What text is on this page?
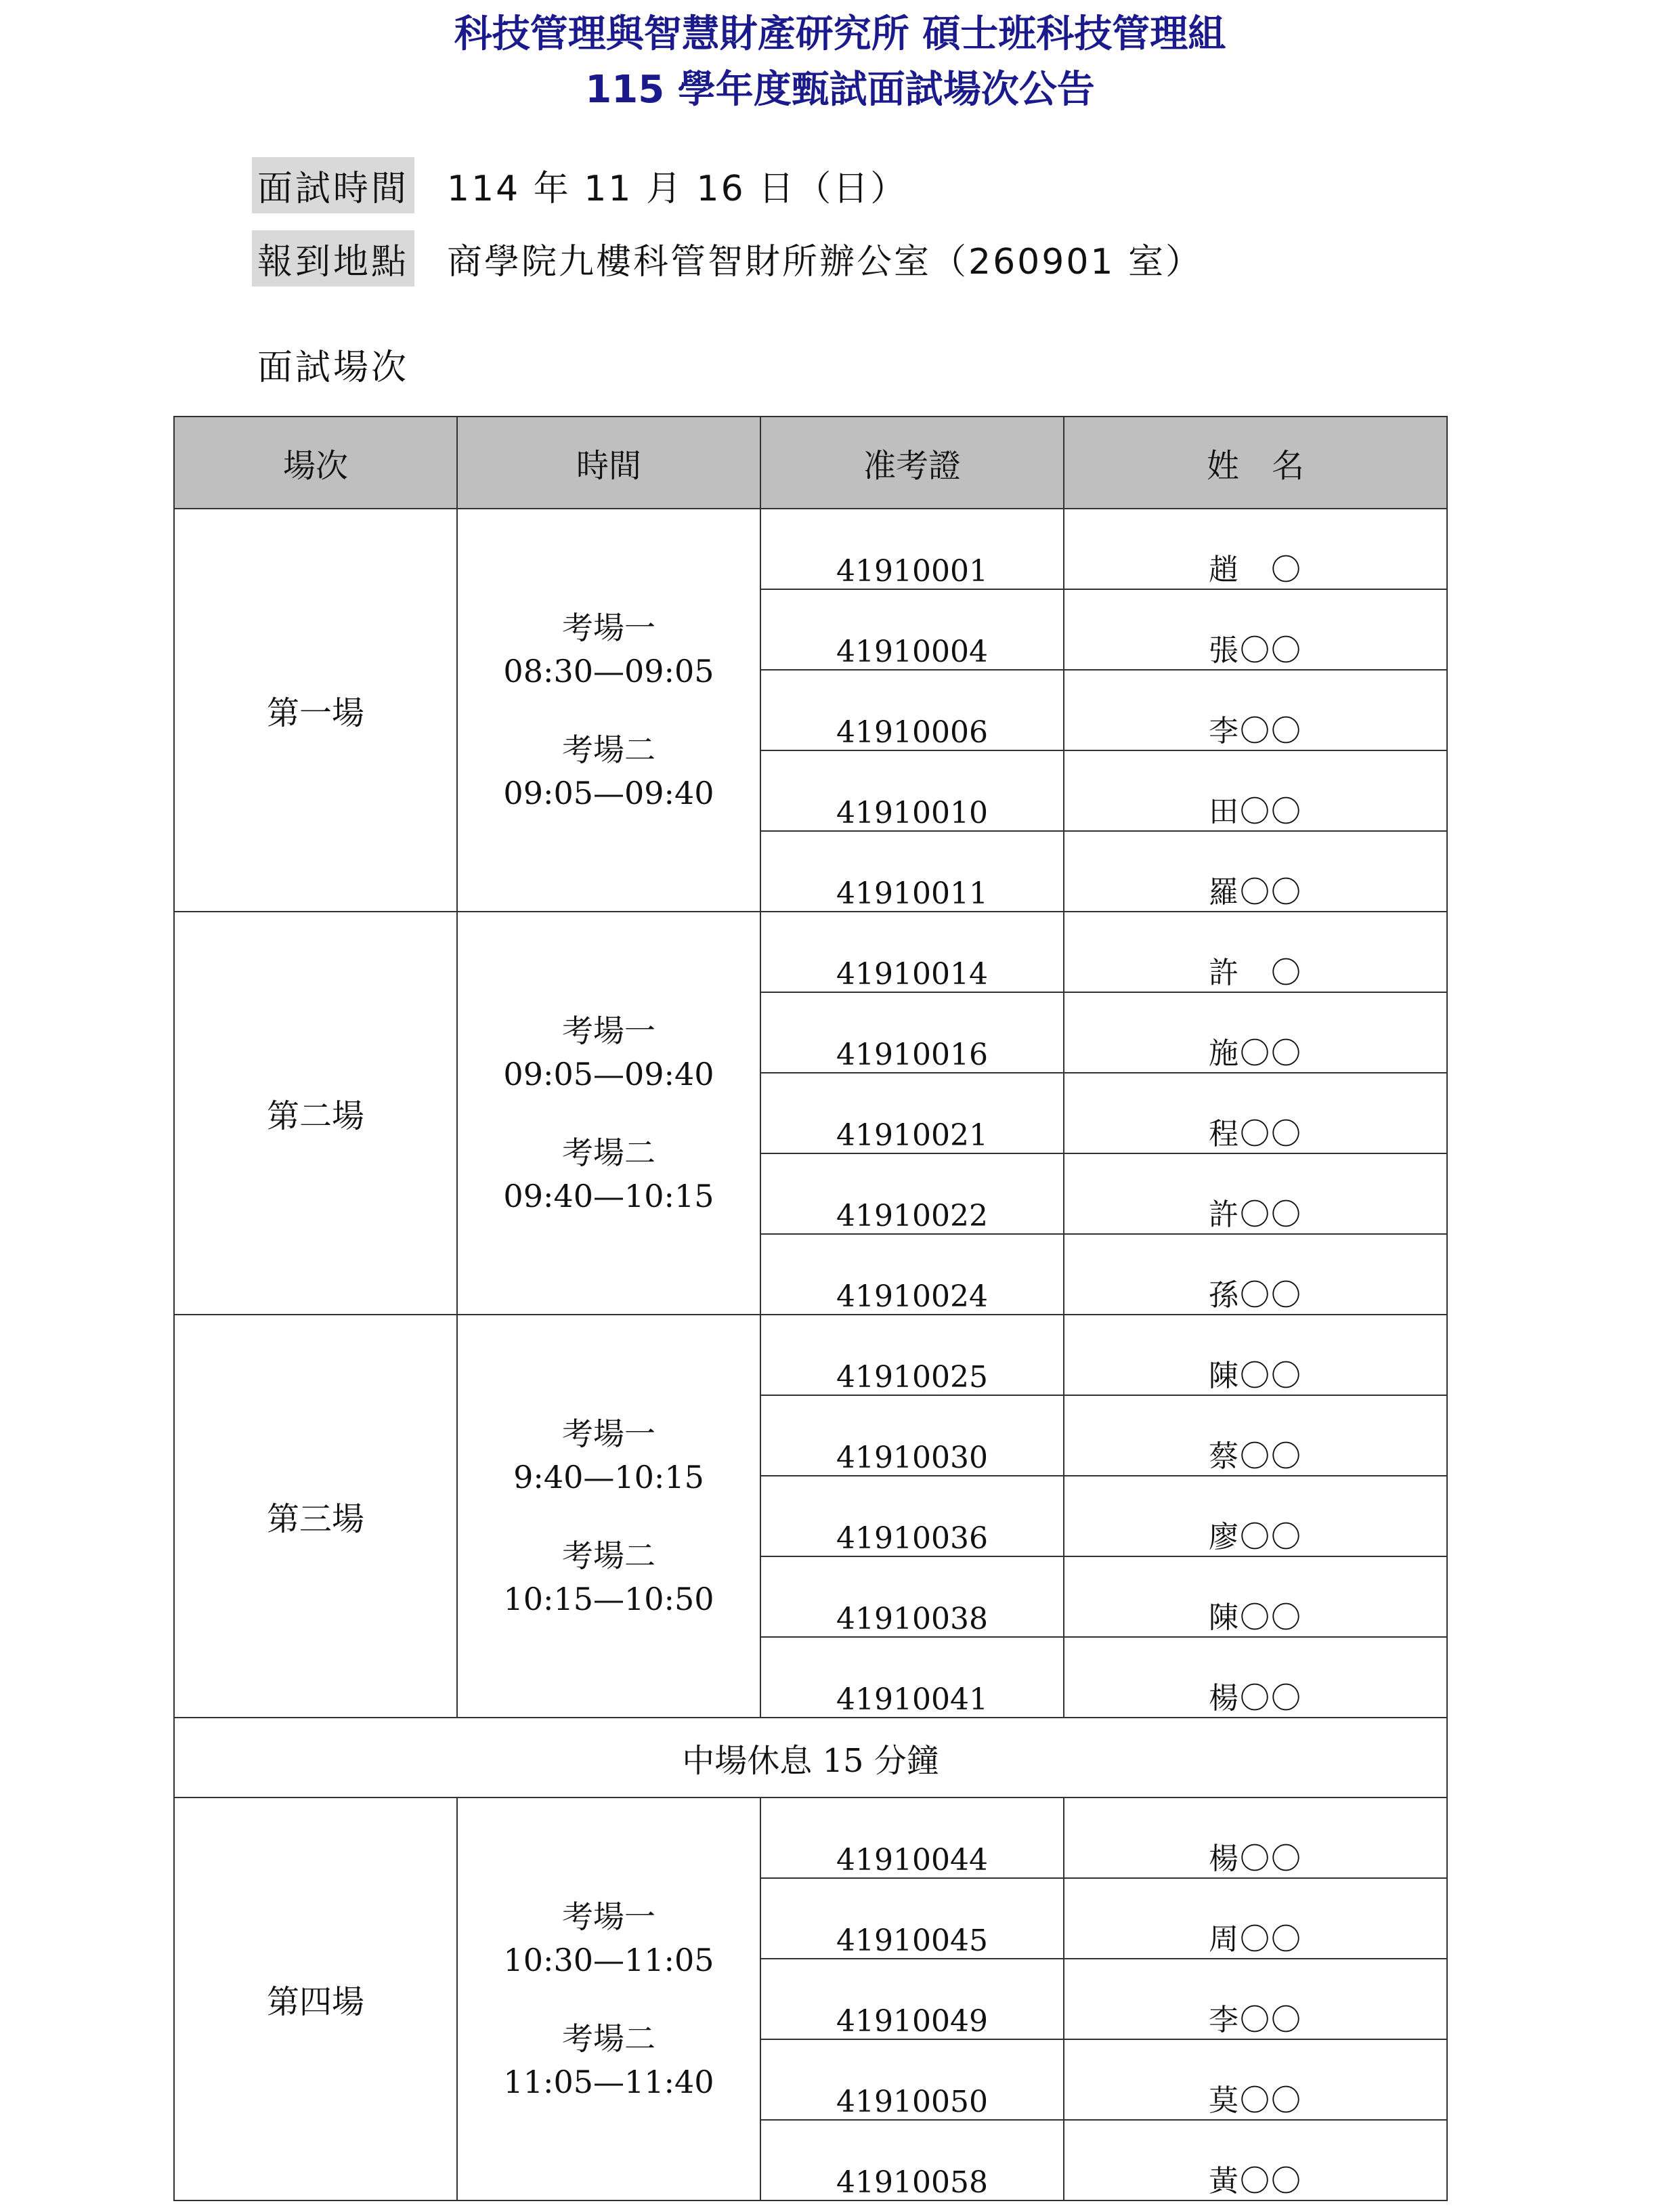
科技管理與智慧財產研究所 碩士班科技管理組
115 學年度甄試面試場次公告
面試時間 114 年 11 月 16 日（日）
報到地點 商學院九樓科管智財所辦公室（260901 室）
面試場次
場次	時間	准考證	姓　名
第一場	考場一
08:30—09:05
考場二
09:05—09:40	41910001	趙　〇
		41910004	張〇〇
		41910006	李〇〇
		41910010	田〇〇
		41910011	羅〇〇
第二場	考場一
09:05—09:40
考場二
09:40—10:15	41910014	許　〇
		41910016	施〇〇
		41910021	程〇〇
		41910022	許〇〇
		41910024	孫〇〇
第三場	考場一
9:40—10:15
考場二
10:15—10:50	41910025	陳〇〇
		41910030	蔡〇〇
		41910036	廖〇〇
		41910038	陳〇〇
		41910041	楊〇〇
中場休息 15 分鐘			
第四場	考場一
10:30—11:05
考場二
11:05—11:40	41910044	楊〇〇
		41910045	周〇〇
		41910049	李〇〇
		41910050	莫〇〇
		41910058	黃〇〇
